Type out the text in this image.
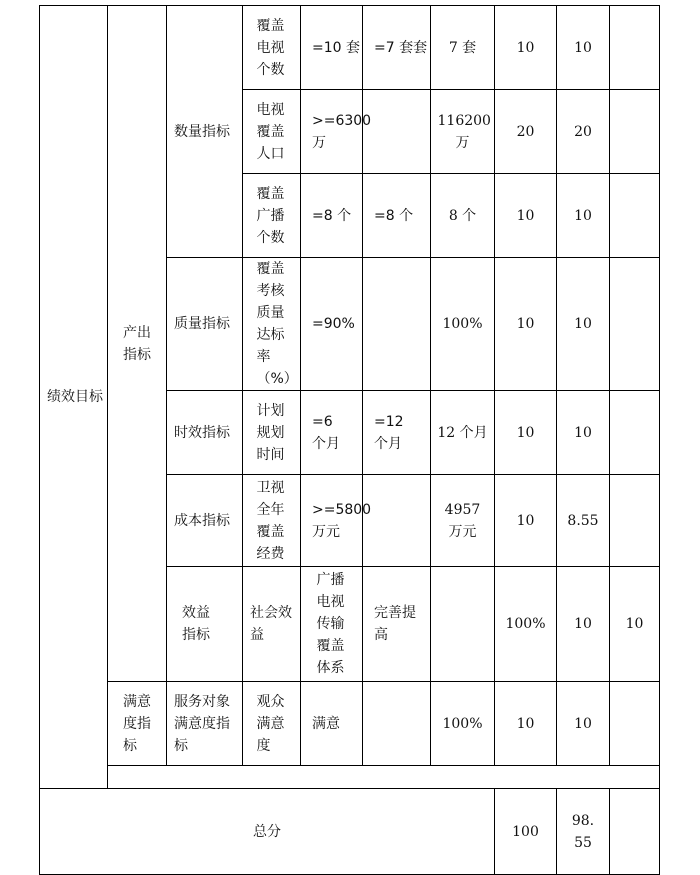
绩效目标	产出指标	数量指标	覆盖电视个数	=10 套	=7 套套	7 套	10	10		
			电视覆盖人口	>=6300 万		116200 万	20	20		
			覆盖广播个数	=8 个	=8 个	8 个	10	10		
		质量指标	覆盖考核质量达标率（%）	=90%		100%	10	10		
		时效指标	计划规划时间	=6 个月	=12 个月	12 个月	10	10		
		成本指标	卫视全年覆盖经费	>=5800 万元		4957 万元	10	8.55		

		效益指标	社会效益	广播电视传输覆盖体系	完善提高		100%	10	10	

	满意度指标	服务对象满意度指标	观众满意度	满意		100%	10	10		

总分							100	98.55		
